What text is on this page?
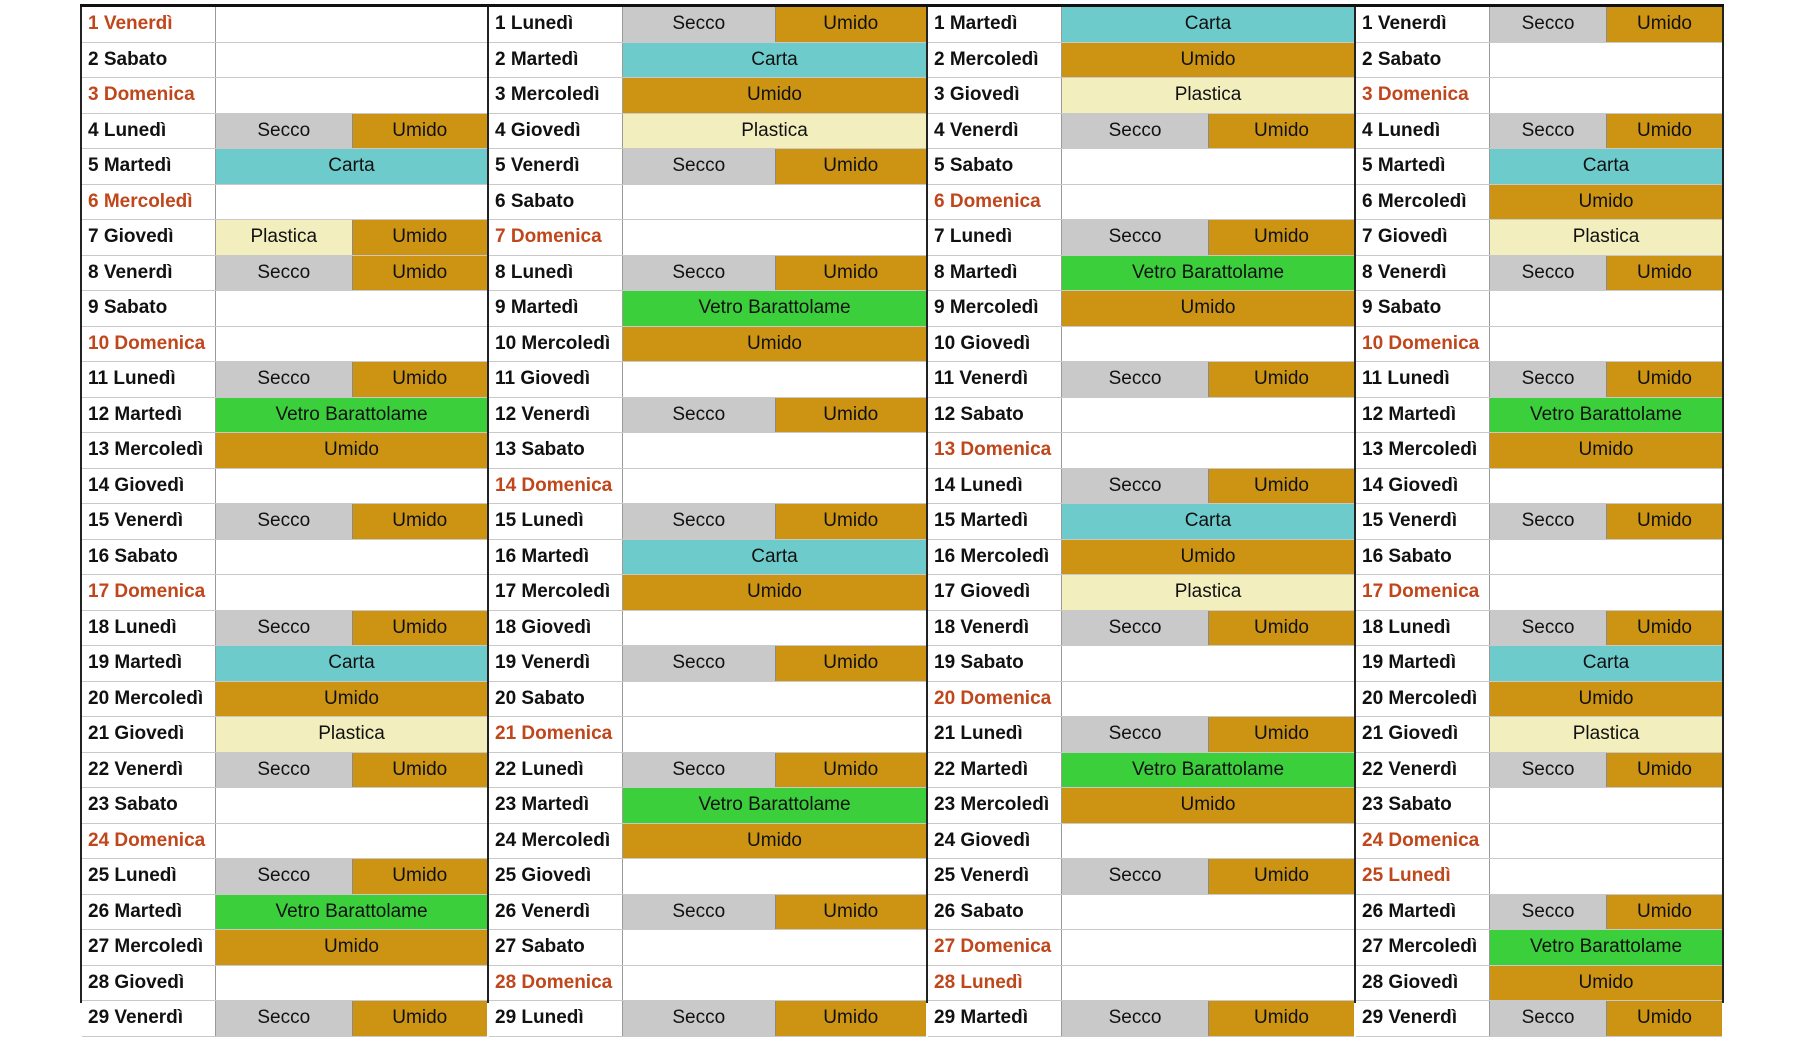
1 Venerdì
2 Sabato
3 Domenica
4 Lunedì	Secco	Umido
5 Martedì	Carta
6 Mercoledì
7 Giovedì	Plastica	Umido
8 Venerdì	Secco	Umido
9 Sabato
10 Domenica
11 Lunedì	Secco	Umido
12 Martedì	Vetro Barattolame
13 Mercoledì	Umido
14 Giovedì
15 Venerdì	Secco	Umido
16 Sabato
17 Domenica
18 Lunedì	Secco	Umido
19 Martedì	Carta
20 Mercoledì	Umido
21 Giovedì	Plastica
22 Venerdì	Secco	Umido
23 Sabato
24 Domenica
25 Lunedì	Secco	Umido
26 Martedì	Vetro Barattolame
27 Mercoledì	Umido
28 Giovedì
29 Venerdì	Secco	Umido
1 Lunedì	Secco	Umido
2 Martedì	Carta
3 Mercoledì	Umido
4 Giovedì	Plastica
5 Venerdì	Secco	Umido
6 Sabato
7 Domenica
8 Lunedì	Secco	Umido
9 Martedì	Vetro Barattolame
10 Mercoledì	Umido
11 Giovedì
12 Venerdì	Secco	Umido
13 Sabato
14 Domenica
15 Lunedì	Secco	Umido
16 Martedì	Carta
17 Mercoledì	Umido
18 Giovedì
19 Venerdì	Secco	Umido
20 Sabato
21 Domenica
22 Lunedì	Secco	Umido
23 Martedì	Vetro Barattolame
24 Mercoledì	Umido
25 Giovedì
26 Venerdì	Secco	Umido
27 Sabato
28 Domenica
29 Lunedì	Secco	Umido
1 Martedì	Carta
2 Mercoledì	Umido
3 Giovedì	Plastica
4 Venerdì	Secco	Umido
5 Sabato
6 Domenica
7 Lunedì	Secco	Umido
8 Martedì	Vetro Barattolame
9 Mercoledì	Umido
10 Giovedì
11 Venerdì	Secco	Umido
12 Sabato
13 Domenica
14 Lunedì	Secco	Umido
15 Martedì	Carta
16 Mercoledì	Umido
17 Giovedì	Plastica
18 Venerdì	Secco	Umido
19 Sabato
20 Domenica
21 Lunedì	Secco	Umido
22 Martedì	Vetro Barattolame
23 Mercoledì	Umido
24 Giovedì
25 Venerdì	Secco	Umido
26 Sabato
27 Domenica
28 Lunedì
29 Martedì	Secco	Umido
1 Venerdì	Secco	Umido
2 Sabato
3 Domenica
4 Lunedì	Secco	Umido
5 Martedì	Carta
6 Mercoledì	Umido
7 Giovedì	Plastica
8 Venerdì	Secco	Umido
9 Sabato
10 Domenica
11 Lunedì	Secco	Umido
12 Martedì	Vetro Barattolame
13 Mercoledì	Umido
14 Giovedì
15 Venerdì	Secco	Umido
16 Sabato
17 Domenica
18 Lunedì	Secco	Umido
19 Martedì	Carta
20 Mercoledì	Umido
21 Giovedì	Plastica
22 Venerdì	Secco	Umido
23 Sabato
24 Domenica
25 Lunedì
26 Martedì	Secco	Umido
27 Mercoledì	Vetro Barattolame
28 Giovedì	Umido
29 Venerdì	Secco	Umido
